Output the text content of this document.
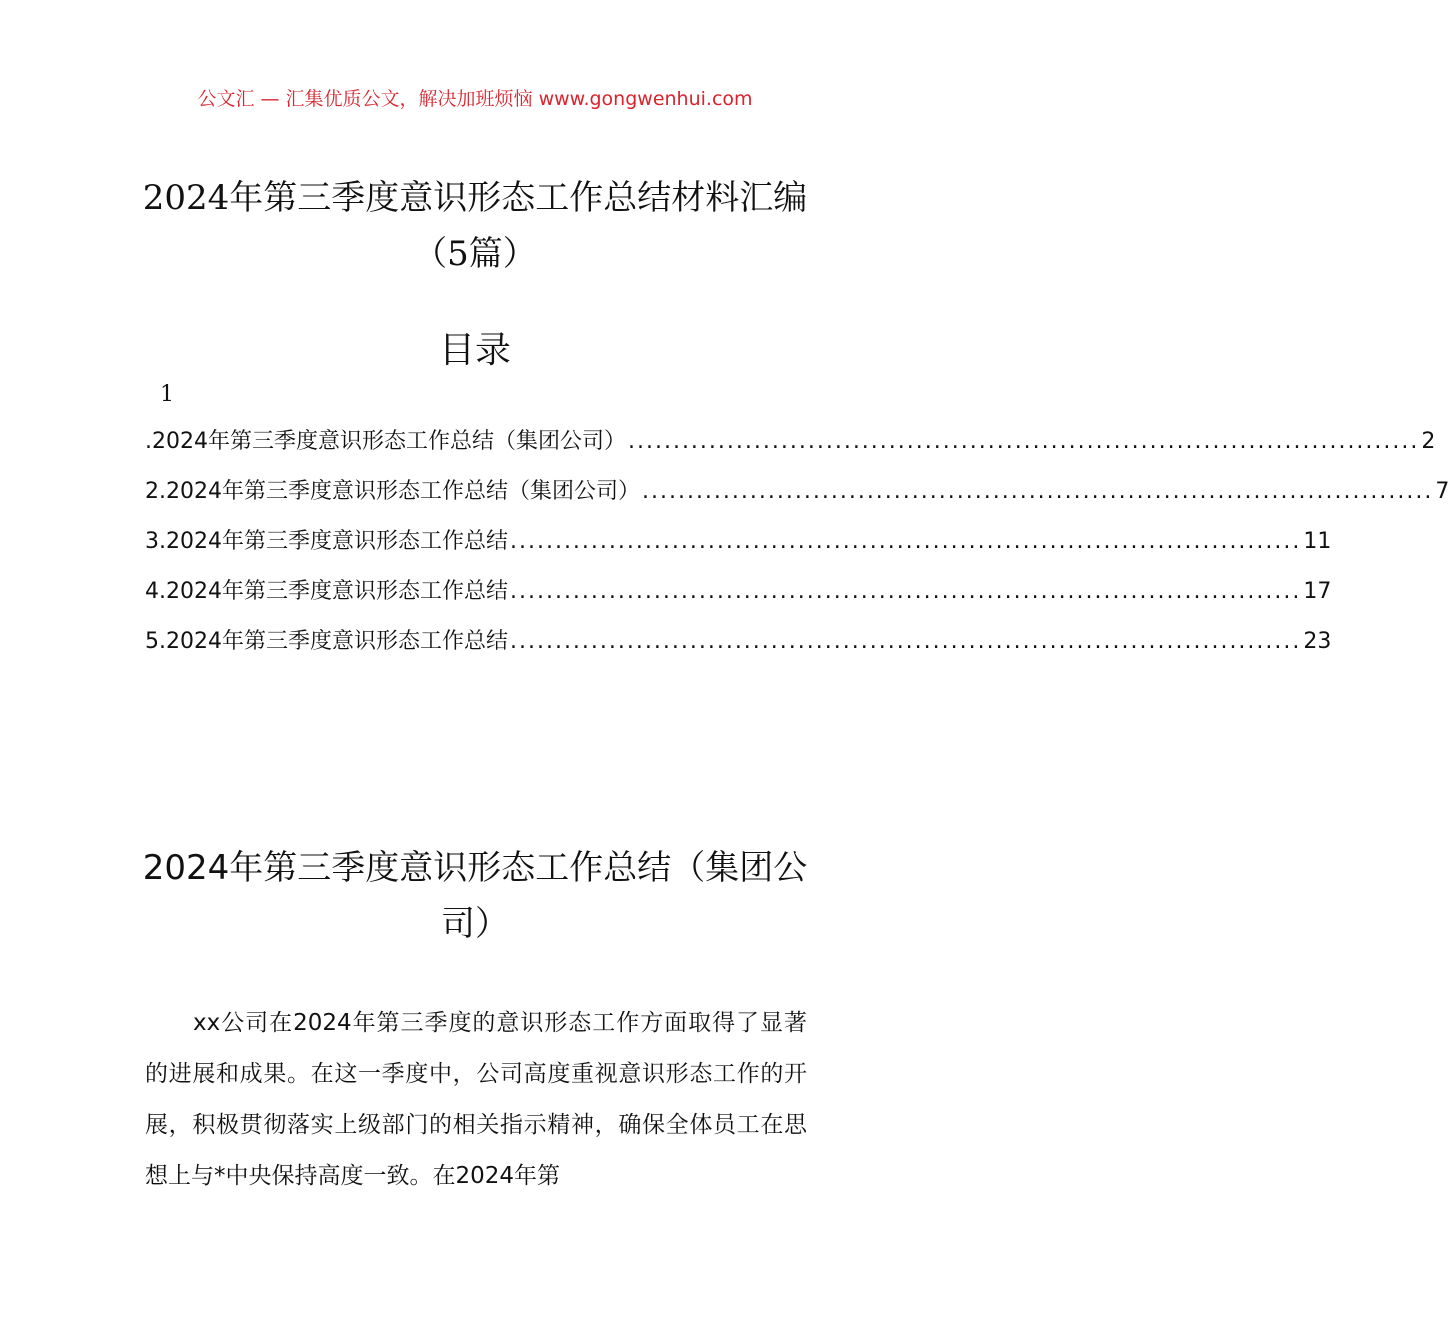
公文汇 — 汇集优质公文，解决加班烦恼 www.gongwenhui.com
2024年第三季度意识形态工作总结材料汇编（5篇）
目录
1
.2024年第三季度意识形态工作总结（集团公司） ........................................................................................ 2
2.2024年第三季度意识形态工作总结（集团公司） ........................................................................................ 7
3.2024年第三季度意识形态工作总结 ........................................................................................ 11
4.2024年第三季度意识形态工作总结 ........................................................................................ 17
5.2024年第三季度意识形态工作总结 ........................................................................................ 23
2024年第三季度意识形态工作总结（集团公司）
xx公司在2024年第三季度的意识形态工作方面取得了显著的进展和成果。在这一季度中，公司高度重视意识形态工作的开展，积极贯彻落实上级部门的相关指示精神，确保全体员工在思想上与*中央保持高度一致。在2024年第
